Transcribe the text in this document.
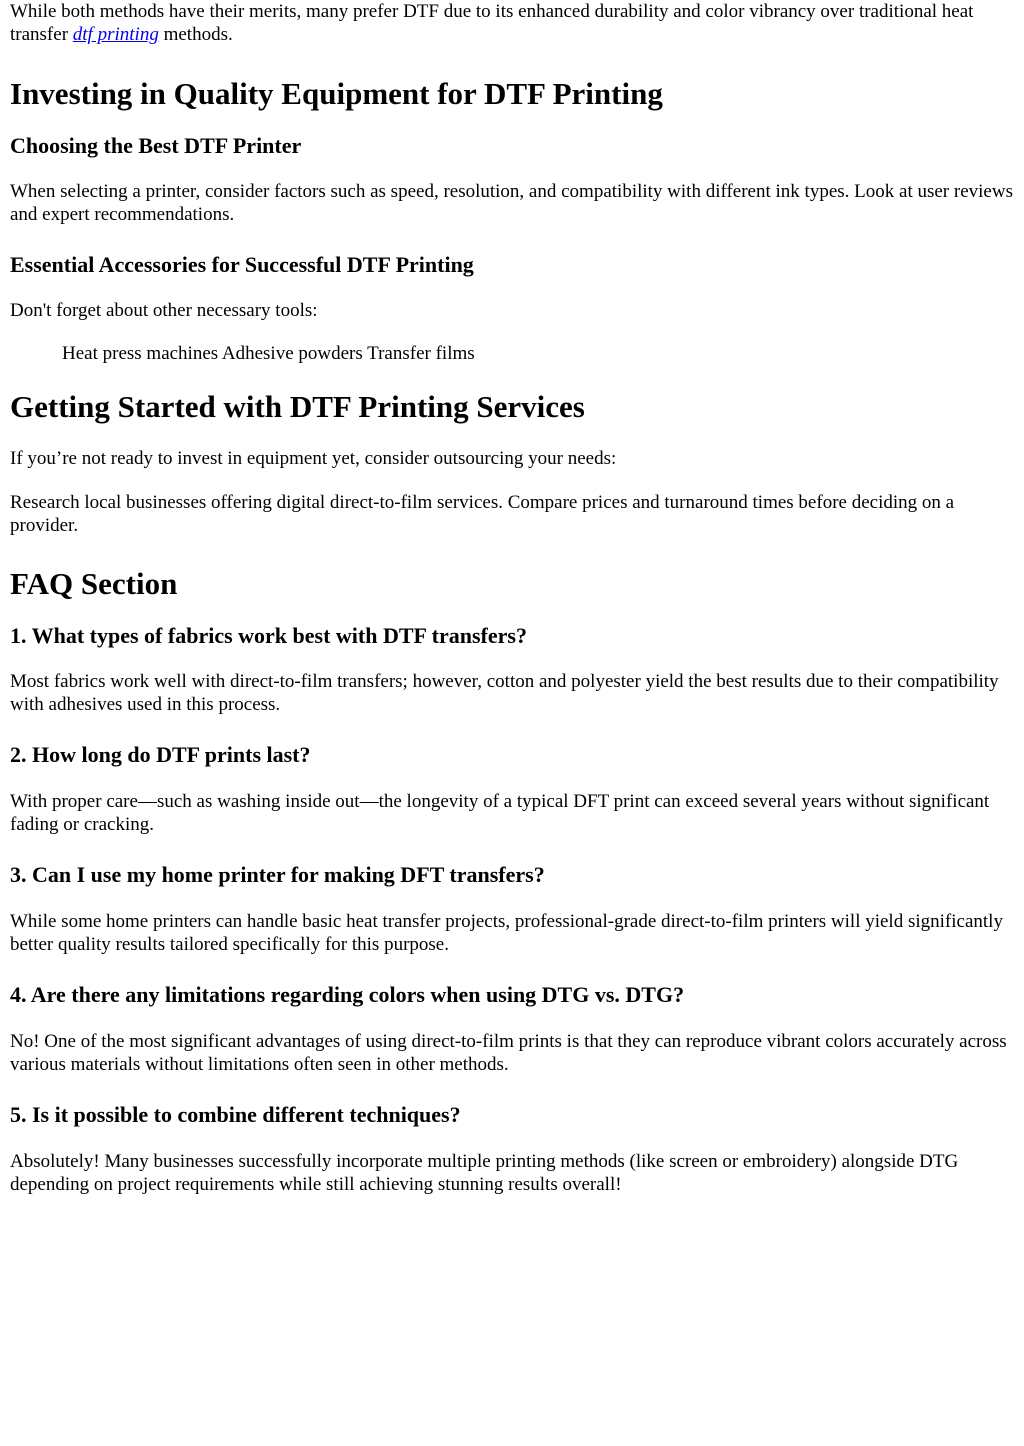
While both methods have their merits, many prefer DTF due to its enhanced durability and color vibrancy over traditional heat transfer dtf printing methods.

Investing in Quality Equipment for DTF Printing
Choosing the Best DTF Printer

When selecting a printer, consider factors such as speed, resolution, and compatibility with different ink types. Look at user reviews and expert recommendations.

Essential Accessories for Successful DTF Printing

Don't forget about other necessary tools:

Heat press machines Adhesive powders Transfer films

Getting Started with DTF Printing Services

If you’re not ready to invest in equipment yet, consider outsourcing your needs:

Research local businesses offering digital direct-to-film services. Compare prices and turnaround times before deciding on a provider.

FAQ Section
1. What types of fabrics work best with DTF transfers?

Most fabrics work well with direct-to-film transfers; however, cotton and polyester yield the best results due to their compatibility with adhesives used in this process.

2. How long do DTF prints last?

With proper care—such as washing inside out—the longevity of a typical DFT print can exceed several years without significant fading or cracking.

3. Can I use my home printer for making DFT transfers?

While some home printers can handle basic heat transfer projects, professional-grade direct-to-film printers will yield significantly better quality results tailored specifically for this purpose.

4. Are there any limitations regarding colors when using DTG vs. DTG?

No! One of the most significant advantages of using direct-to-film prints is that they can reproduce vibrant colors accurately across various materials without limitations often seen in other methods.

5. Is it possible to combine different techniques?

Absolutely! Many businesses successfully incorporate multiple printing methods (like screen or embroidery) alongside DTG depending on project requirements while still achieving stunning results overall!
